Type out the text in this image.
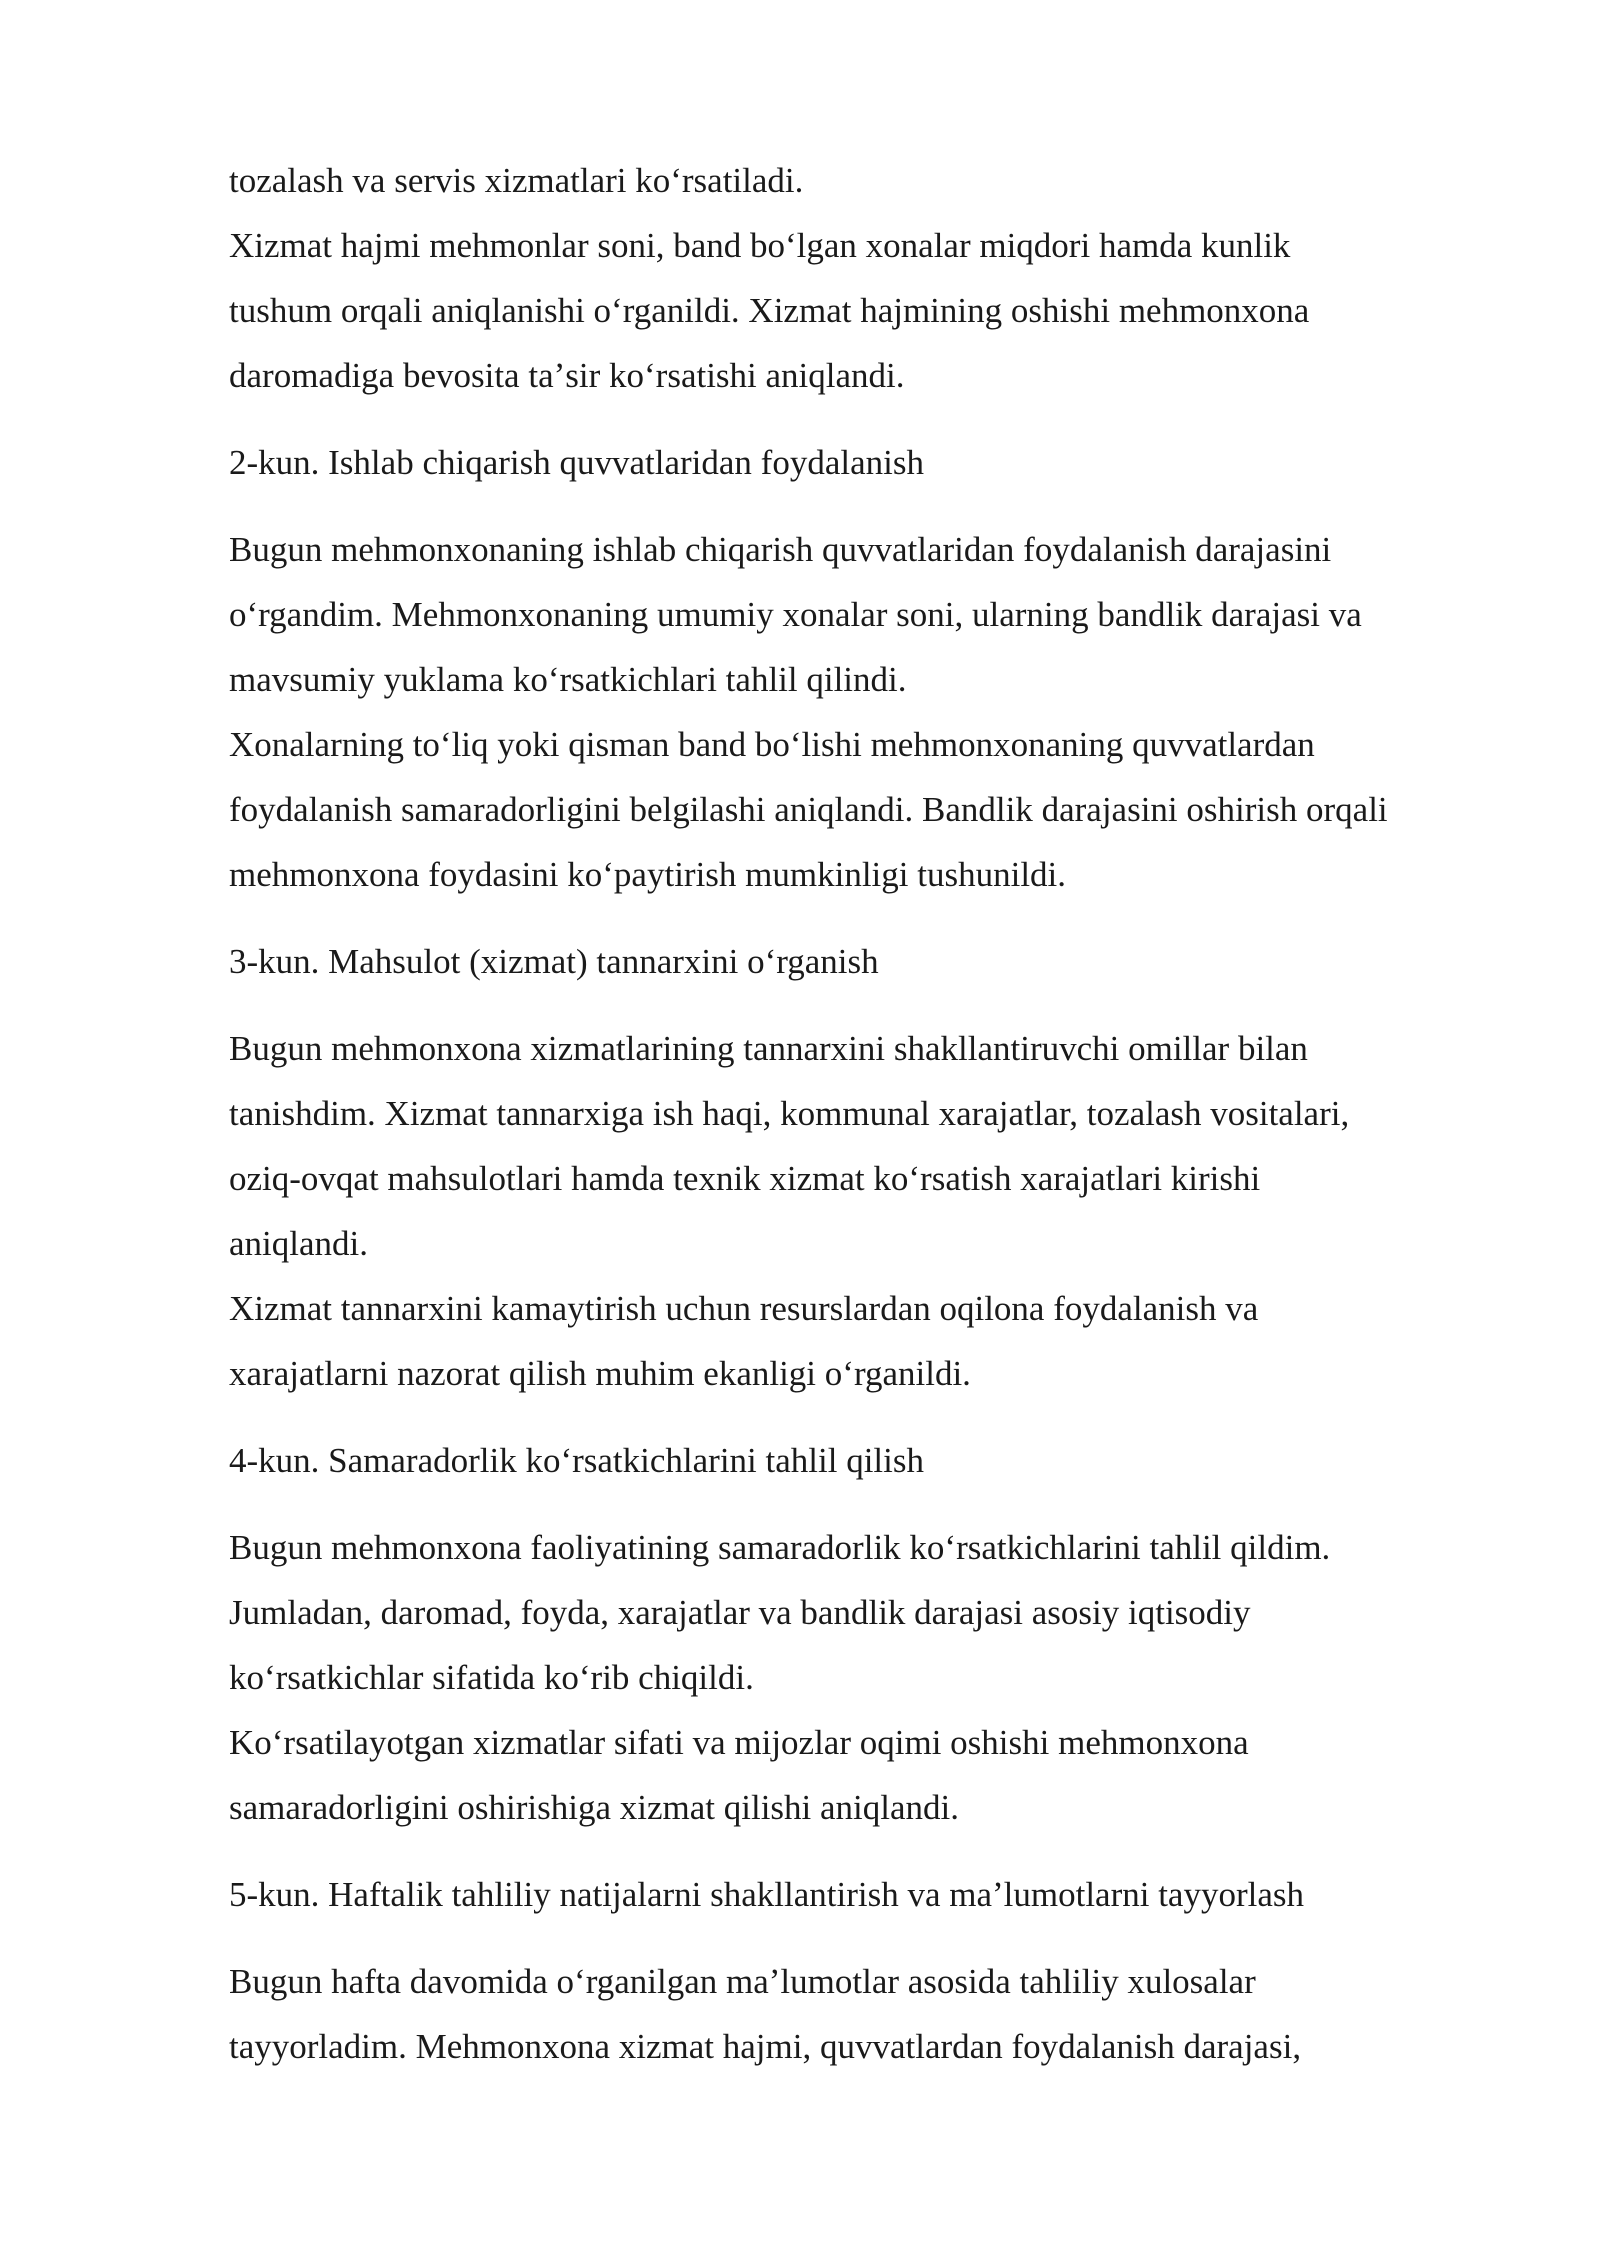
tozalash va servis xizmatlari koʻrsatiladi.

Xizmat hajmi mehmonlar soni, band boʻlgan xonalar miqdori hamda kunlik

tushum orqali aniqlanishi oʻrganildi. Xizmat hajmining oshishi mehmonxona

daromadiga bevosita taʼsir koʻrsatishi aniqlandi.

2-kun. Ishlab chiqarish quvvatlaridan foydalanish

Bugun mehmonxonaning ishlab chiqarish quvvatlaridan foydalanish darajasini

oʻrgandim. Mehmonxonaning umumiy xonalar soni, ularning bandlik darajasi va

mavsumiy yuklama koʻrsatkichlari tahlil qilindi.

Xonalarning toʻliq yoki qisman band boʻlishi mehmonxonaning quvvatlardan

foydalanish samaradorligini belgilashi aniqlandi. Bandlik darajasini oshirish orqali

mehmonxona foydasini koʻpaytirish mumkinligi tushunildi.

3-kun. Mahsulot (xizmat) tannarxini oʻrganish

Bugun mehmonxona xizmatlarining tannarxini shakllantiruvchi omillar bilan

tanishdim. Xizmat tannarxiga ish haqi, kommunal xarajatlar, tozalash vositalari,

oziq-ovqat mahsulotlari hamda texnik xizmat koʻrsatish xarajatlari kirishi

aniqlandi.

Xizmat tannarxini kamaytirish uchun resurslardan oqilona foydalanish va

xarajatlarni nazorat qilish muhim ekanligi oʻrganildi.

4-kun. Samaradorlik koʻrsatkichlarini tahlil qilish

Bugun mehmonxona faoliyatining samaradorlik koʻrsatkichlarini tahlil qildim.

Jumladan, daromad, foyda, xarajatlar va bandlik darajasi asosiy iqtisodiy

koʻrsatkichlar sifatida koʻrib chiqildi.

Koʻrsatilayotgan xizmatlar sifati va mijozlar oqimi oshishi mehmonxona

samaradorligini oshirishiga xizmat qilishi aniqlandi.

5-kun. Haftalik tahliliy natijalarni shakllantirish va maʼlumotlarni tayyorlash

Bugun hafta davomida oʻrganilgan maʼlumotlar asosida tahliliy xulosalar

tayyorladim. Mehmonxona xizmat hajmi, quvvatlardan foydalanish darajasi,
